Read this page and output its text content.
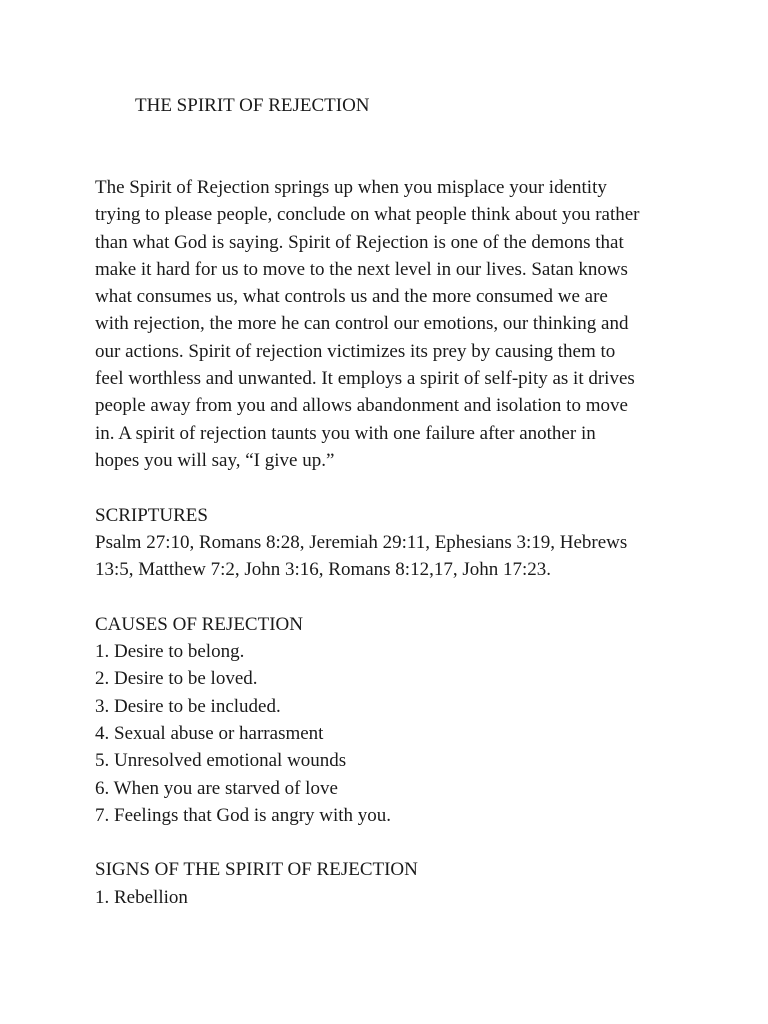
THE SPIRIT OF REJECTION
The Spirit of Rejection springs up when you misplace your identity
trying to please people, conclude on what people think about you rather
than what God is saying. Spirit of Rejection is one of the demons that
make it hard for us to move to the next level in our lives. Satan knows
what consumes us, what controls us and the more consumed we are
with rejection, the more he can control our emotions, our thinking and
our actions. Spirit of rejection victimizes its prey by causing them to
feel worthless and unwanted. It employs a spirit of self-pity as it drives
people away from you and allows abandonment and isolation to move
in. A spirit of rejection taunts you with one failure after another in
hopes you will say, “I give up.”
SCRIPTURES
Psalm 27:10, Romans 8:28, Jeremiah 29:11, Ephesians 3:19, Hebrews
13:5, Matthew 7:2, John 3:16, Romans 8:12,17, John 17:23.
CAUSES OF REJECTION
1. Desire to belong.
2. Desire to be loved.
3. Desire to be included.
4. Sexual abuse or harrasment
5. Unresolved emotional wounds
6. When you are starved of love
7. Feelings that God is angry with you.
SIGNS OF THE SPIRIT OF REJECTION
1. Rebellion
